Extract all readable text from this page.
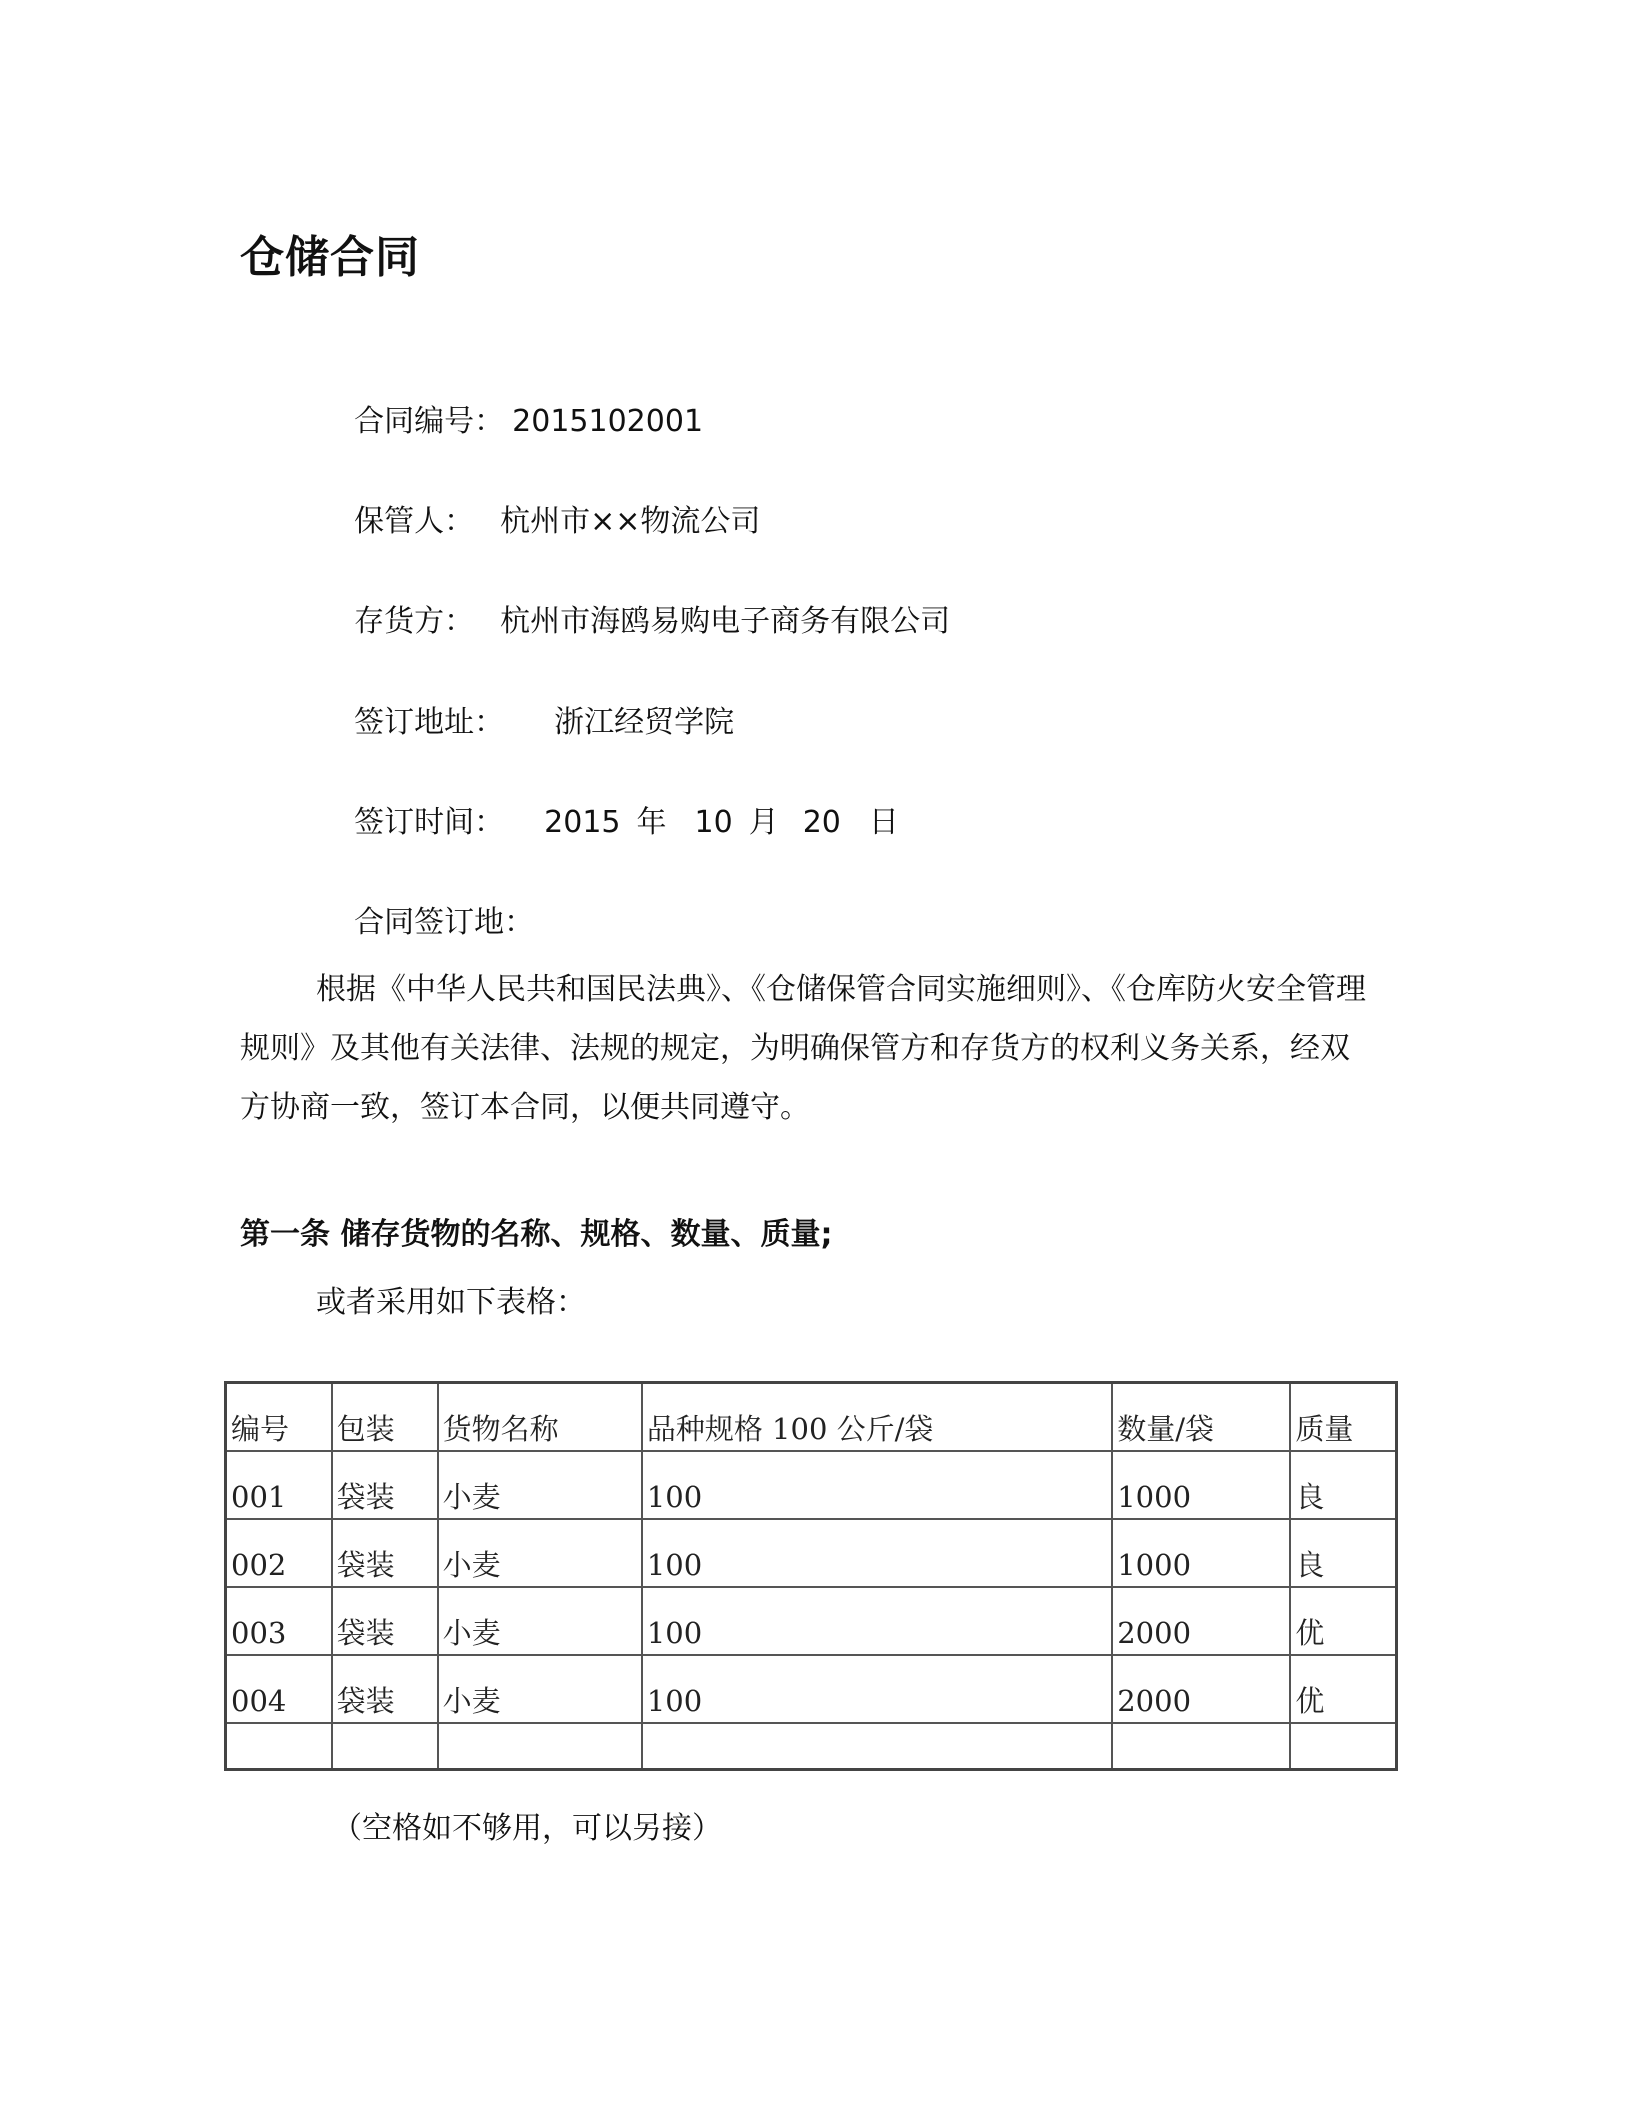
仓储合同

合同编号： 2015102001

保管人： 杭州市××物流公司

存货方： 杭州市海鸥易购电子商务有限公司

签订地址： 浙江经贸学院

签订时间： 2015 年 10 月 20 日

合同签订地：

根据《中华人民共和国民法典》、《仓储保管合同实施细则》、《仓库防火安全管理规则》及其他有关法律、法规的规定，为明确保管方和存货方的权利义务关系，经双方协商一致，签订本合同，以便共同遵守。

第一条 储存货物的名称、规格、数量、质量;
或者采用如下表格：
编号	包装	货物名称	品种规格 100 公斤/袋	数量/袋	质量
001	袋装	小麦	100	1000	良
002	袋装	小麦	100	1000	良
003	袋装	小麦	100	2000	优
004	袋装	小麦	100	2000	优

（空格如不够用，可以另接）
